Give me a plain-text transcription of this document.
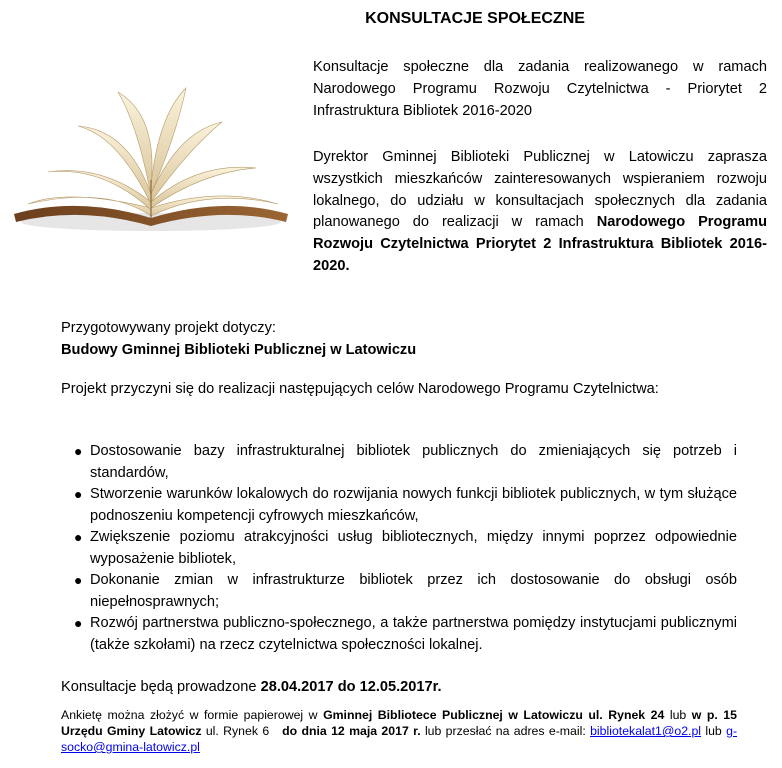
KONSULTACJE SPOŁECZNE
Konsultacje społeczne dla zadania realizowanego w ramach Narodowego Programu Rozwoju Czytelnictwa - Priorytet 2 Infrastruktura Bibliotek 2016-2020
Dyrektor Gminnej Biblioteki Publicznej w Latowiczu zaprasza wszystkich mieszkańców zainteresowanych wspieraniem rozwoju lokalnego, do udziału w konsultacjach społecznych dla zadania planowanego do realizacji w ramach Narodowego Programu Rozwoju Czytelnictwa Priorytet 2 Infrastruktura Bibliotek 2016-2020.
Przygotowywany projekt dotyczy:
Budowy Gminnej Biblioteki Publicznej w Latowiczu
Projekt przyczyni się do realizacji następujących celów Narodowego Programu Czytelnictwa:
● Dostosowanie bazy infrastrukturalnej bibliotek publicznych do zmieniających się potrzeb i standardów,
● Stworzenie warunków lokalowych do rozwijania nowych funkcji bibliotek publicznych, w tym służące podnoszeniu kompetencji cyfrowych mieszkańców,
● Zwiększenie poziomu atrakcyjności usług bibliotecznych, między innymi poprzez odpowiednie wyposażenie bibliotek,
● Dokonanie zmian w infrastrukturze bibliotek przez ich dostosowanie do obsługi osób niepełnosprawnych;
● Rozwój partnerstwa publiczno-społecznego, a także partnerstwa pomiędzy instytucjami publicznymi (także szkołami) na rzecz czytelnictwa społeczności lokalnej.
Konsultacje będą prowadzone 28.04.2017 do 12.05.2017r.
Ankietę można złożyć w formie papierowej w Gminnej Bibliotece Publicznej w Latowiczu ul. Rynek 24 lub w p. 15 Urzędu Gminy Latowicz ul. Rynek 6 do dnia 12 maja 2017 r. lub przesłać na adres e-mail: bibliotekalat1@o2.pl lub g-socko@gmina-latowicz.pl
